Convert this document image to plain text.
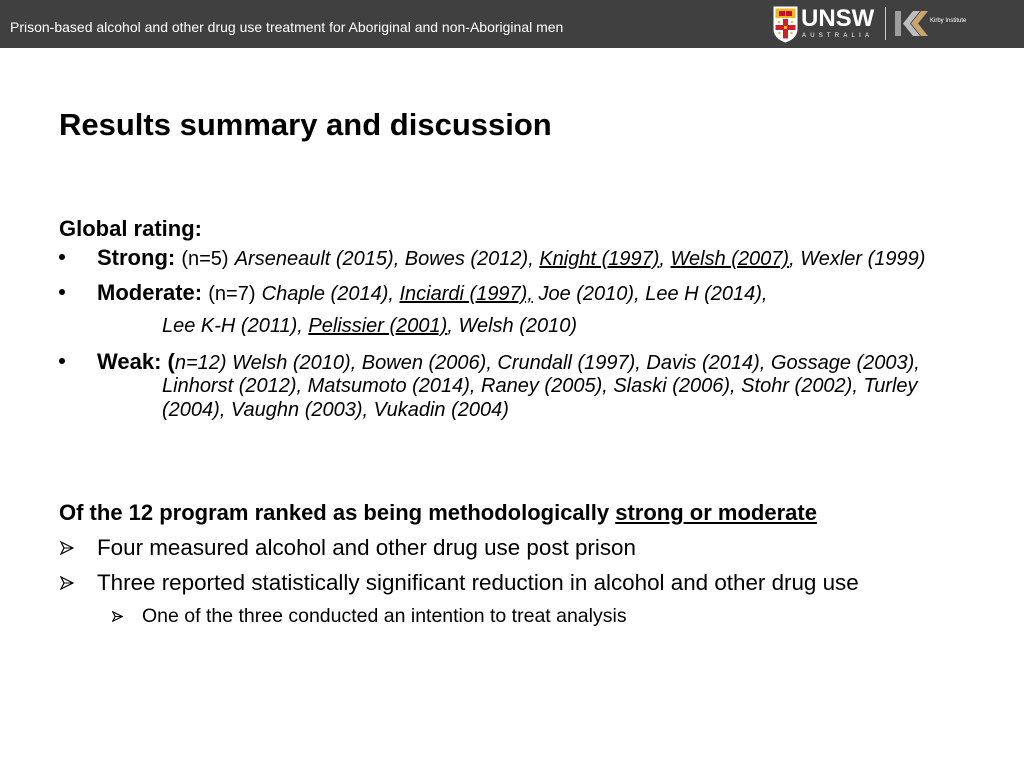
Prison-based alcohol and other drug use treatment for Aboriginal and non-Aboriginal men	UNSW
AUSTRALIA
Kirby Institute
Results summary and discussion
Global rating:
Strong: (n=5) Arseneault (2015), Bowes (2012), Knight (1997), Welsh (2007), Wexler (1999)
Moderate: (n=7) Chaple (2014), Inciardi (1997), Joe (2010), Lee H (2014),
Lee K-H (2011), Pelissier (2001), Welsh (2010)
Weak: (n=12) Welsh (2010), Bowen (2006), Crundall (1997), Davis (2014), Gossage (2003),
Linhorst (2012), Matsumoto (2014), Raney (2005), Slaski (2006), Stohr (2002), Turley
(2004), Vaughn (2003), Vukadin (2004)
Of the 12 program ranked as being methodologically strong or moderate
Four measured alcohol and other drug use post prison
Three reported statistically significant reduction in alcohol and other drug use
One of the three conducted an intention to treat analysis
